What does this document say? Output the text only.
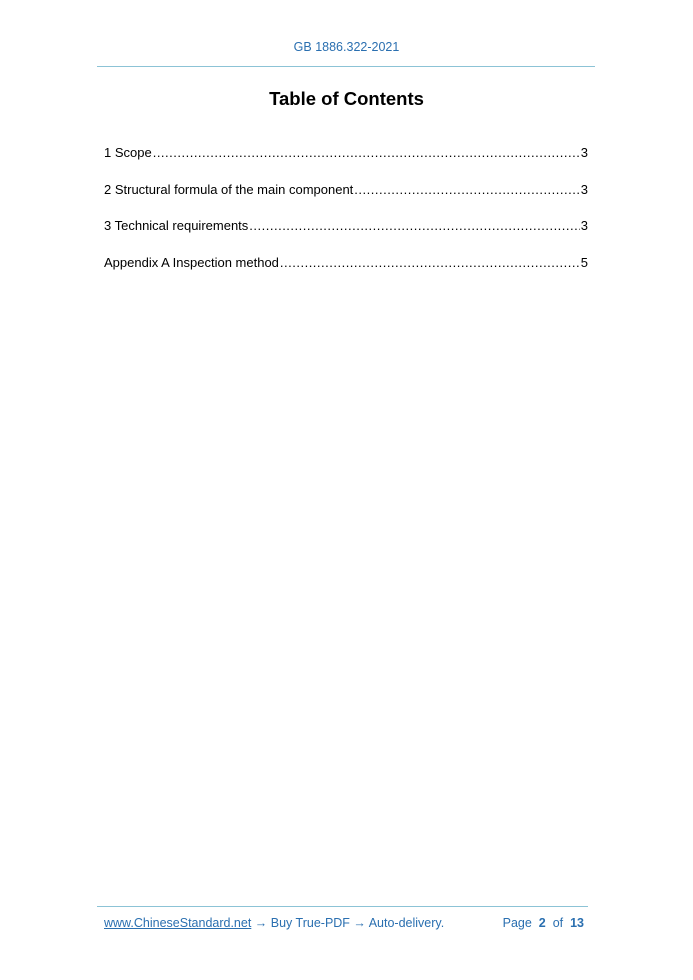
GB 1886.322-2021
Table of Contents
1 Scope .....	3
2 Structural formula of the main component .....	3
3 Technical requirements .....	3
Appendix A Inspection method .....	5
www.ChineseStandard.net → Buy True-PDF → Auto-delivery.	Page 2 of 13
